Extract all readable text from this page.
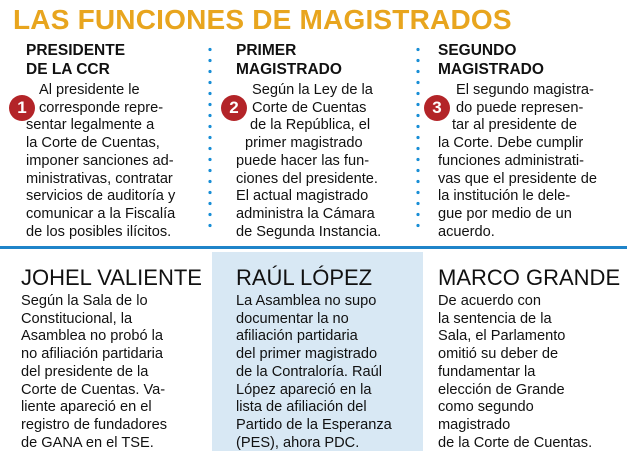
LAS FUNCIONES DE MAGISTRADOS
PRESIDENTE
DE LA CCR
1
Al presidente le
corresponde repre-
sentar legalmente a
la Corte de Cuentas,
imponer sanciones ad-
ministrativas, contratar
servicios de auditoría y
comunicar a la Fiscalía
de los posibles ilícitos.
PRIMER
MAGISTRADO
2
Según la Ley de la
Corte de Cuentas
de la República, el
primer magistrado
puede hacer las fun-
ciones del presidente.
El actual magistrado
administra la Cámara
de Segunda Instancia.
SEGUNDO
MAGISTRADO
3
El segundo magistra-
do puede represen-
tar al presidente de
la Corte. Debe cumplir
funciones administrati-
vas que el presidente de
la institución le dele-
gue por medio de un
acuerdo.
JOHEL VALIENTE
Según la Sala de lo
Constitucional, la
Asamblea no probó la
no afiliación partidaria
del presidente de la
Corte de Cuentas. Va-
liente apareció en el
registro de fundadores
de GANA en el TSE.
RAÚL LÓPEZ
La Asamblea no supo
documentar la no
afiliación partidaria
del primer magistrado
de la Contraloría. Raúl
López apareció en la
lista de afiliación del
Partido de la Esperanza
(PES), ahora PDC.
MARCO GRANDE
De acuerdo con
la sentencia de la
Sala, el Parlamento
omitió su deber de
fundamentar la
elección de Grande
como segundo
magistrado
de la Corte de Cuentas.
